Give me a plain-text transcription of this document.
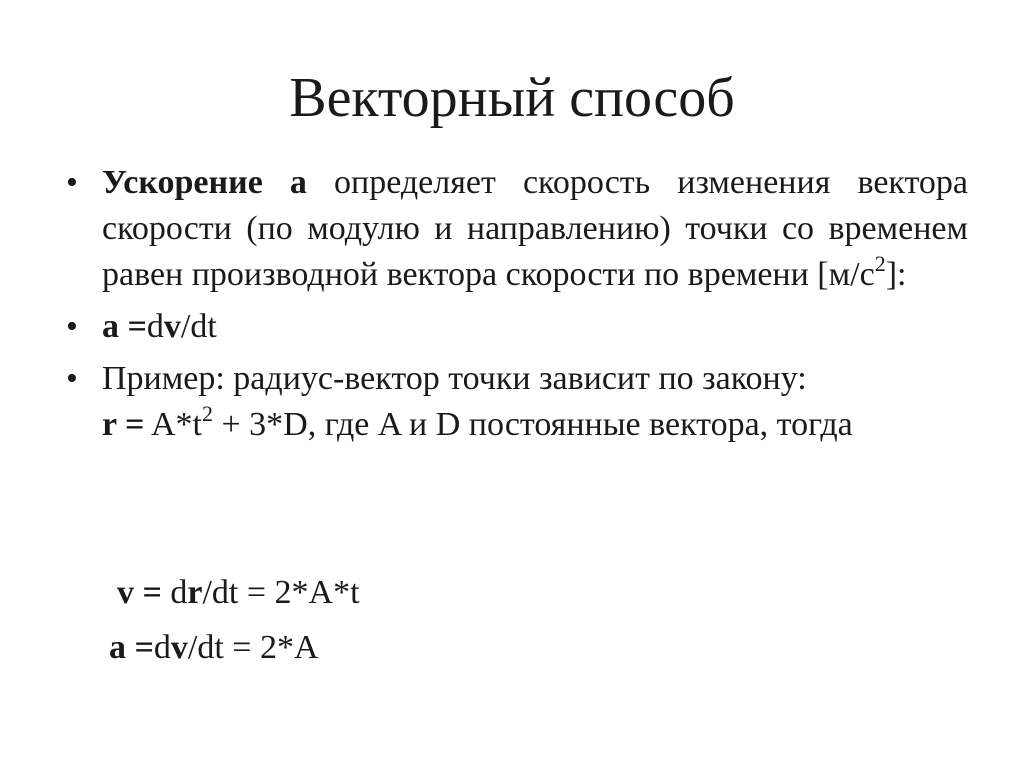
Векторный способ
• Ускорение а определяет скорость изменения вектора скорости (по модулю и направлению) точки со временем равен производной вектора скорости по времени $[м/с^2]$:
• а =dv/dt
• Пример: радиус-вектор точки зависит по закону:
$r = A*t^2 + 3*D$, где A и D постоянные вектора, тогда
v = dr/dt = 2*A*t
a =dv/dt = 2*A
